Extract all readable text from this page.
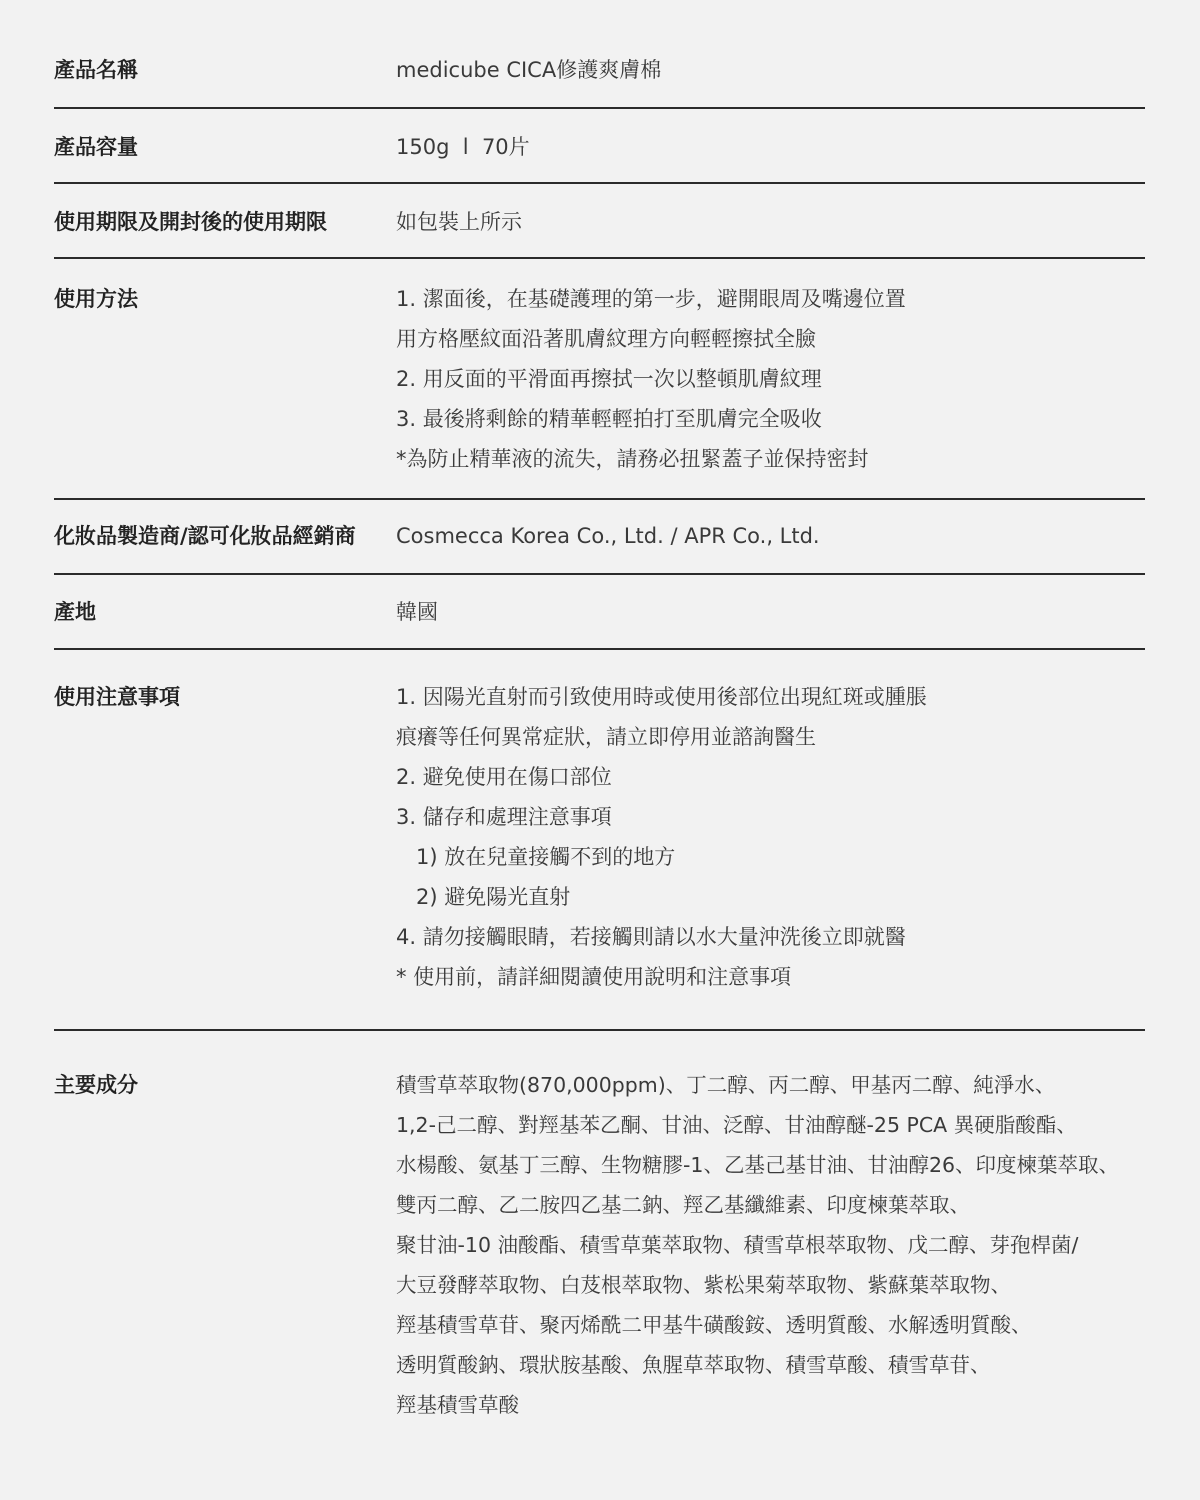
產品名稱	medicube CICA修護爽膚棉
產品容量	150g  l  70片
使用期限及開封後的使用期限	如包裝上所示
使用方法	1. 潔面後，在基礎護理的第一步，避開眼周及嘴邊位置
用方格壓紋面沿著肌膚紋理方向輕輕擦拭全臉
2. 用反面的平滑面再擦拭一次以整頓肌膚紋理
3. 最後將剩餘的精華輕輕拍打至肌膚完全吸收
*為防止精華液的流失，請務必扭緊蓋子並保持密封
化妝品製造商/認可化妝品經銷商	Cosmecca Korea Co., Ltd. / APR Co., Ltd.
產地	韓國
使用注意事項	1. 因陽光直射而引致使用時或使用後部位出現紅斑或腫脹
痕癢等任何異常症狀，請立即停用並諮詢醫生
2. 避免使用在傷口部位
3. 儲存和處理注意事項
1) 放在兒童接觸不到的地方
2) 避免陽光直射
4. 請勿接觸眼睛，若接觸則請以水大量沖洗後立即就醫
* 使用前，請詳細閱讀使用說明和注意事項
主要成分	積雪草萃取物(870,000ppm)、丁二醇、丙二醇、甲基丙二醇、純淨水、
1,2-己二醇、對羥基苯乙酮、甘油、泛醇、甘油醇醚-25 PCA 異硬脂酸酯、
水楊酸、氨基丁三醇、生物糖膠-1、乙基己基甘油、甘油醇26、印度楝葉萃取、
雙丙二醇、乙二胺四乙基二鈉、羥乙基纖維素、印度楝葉萃取、
聚甘油-10 油酸酯、積雪草葉萃取物、積雪草根萃取物、戊二醇、芽孢桿菌/
大豆發酵萃取物、白芨根萃取物、紫松果菊萃取物、紫蘇葉萃取物、
羥基積雪草苷、聚丙烯酰二甲基牛磺酸銨、透明質酸、水解透明質酸、
透明質酸鈉、環狀胺基酸、魚腥草萃取物、積雪草酸、積雪草苷、
羥基積雪草酸
